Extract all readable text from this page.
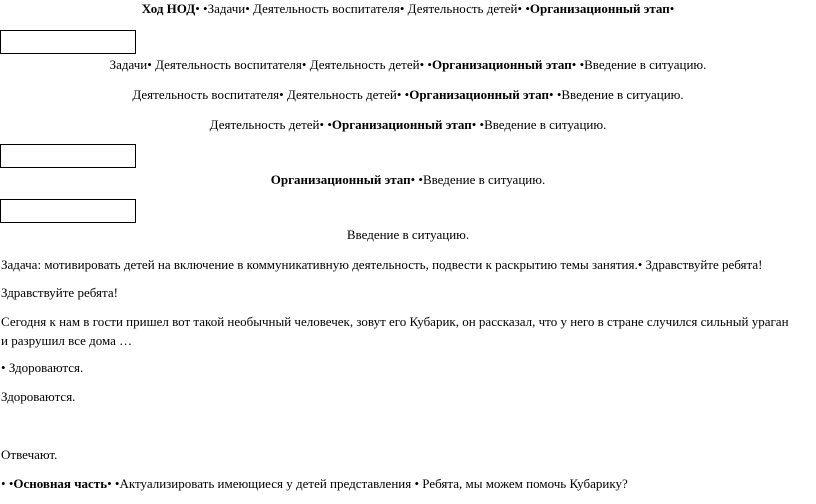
Ход НОД• •Задачи• Деятельность воспитателя• Деятельность детей• •Организационный этап•
Задачи• Деятельность воспитателя• Деятельность детей• •Организационный этап• •Введение в ситуацию.
Деятельность воспитателя• Деятельность детей• •Организационный этап• •Введение в ситуацию.
Деятельность детей• •Организационный этап• •Введение в ситуацию.
Организационный этап• •Введение в ситуацию.
Введение в ситуацию.
Задача: мотивировать детей на включение в коммуникативную деятельность, подвести к раскрытию темы занятия.• Здравствуйте ребята!
Здравствуйте ребята!
Сегодня к нам в гости пришел вот такой необычный человечек, зовут его Кубарик, он рассказал, что у него в стране случился сильный ураган
и разрушил все дома …
• Здороваются.
Здороваются.
Отвечают.
• •Основная часть• •Актуализировать имеющиеся у детей представления • Ребята, мы можем помочь Кубарику?
